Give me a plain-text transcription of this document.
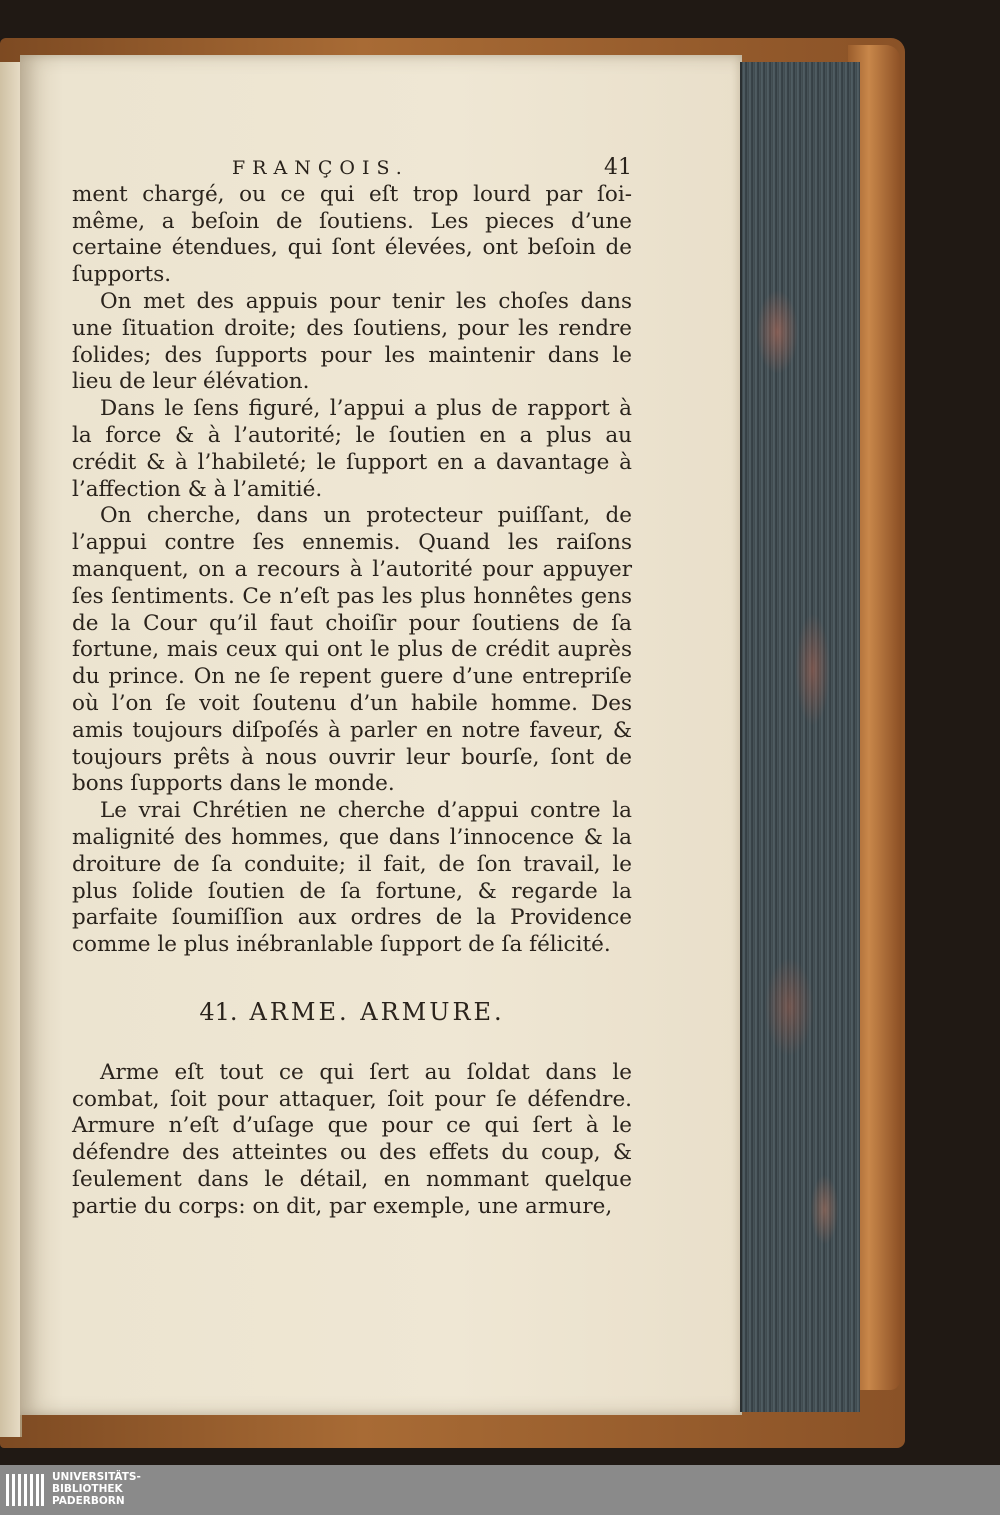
FRANÇOIS.	41

ment chargé, ou ce qui eſt trop lourd par ſoi-même, a beſoin de ſoutiens. Les pieces d’une certaine étendues, qui ſont élevées, ont beſoin de ſupports.

On met des appuis pour tenir les choſes dans une ſituation droite; des ſoutiens, pour les rendre ſolides; des ſupports pour les maintenir dans le lieu de leur élévation.

Dans le ſens figuré, l’appui a plus de rapport à la force & à l’autorité; le ſoutien en a plus au crédit & à l’habileté; le ſupport en a davantage à l’affection & à l’amitié.

On cherche, dans un protecteur puiſſant, de l’appui contre ſes ennemis. Quand les raiſons manquent, on a recours à l’autorité pour appuyer ſes ſentiments. Ce n’eſt pas les plus honnêtes gens de la Cour qu’il faut choiſir pour ſoutiens de ſa fortune, mais ceux qui ont le plus de crédit auprès du prince. On ne ſe repent guere d’une entrepriſe où l’on ſe voit ſoutenu d’un habile homme. Des amis toujours diſpoſés à parler en notre faveur, & toujours prêts à nous ouvrir leur bourſe, ſont de bons ſupports dans le monde.

Le vrai Chrétien ne cherche d’appui contre la malignité des hommes, que dans l’innocence & la droiture de ſa conduite; il fait, de ſon travail, le plus ſolide ſoutien de ſa fortune, & regarde la parfaite ſoumiſſion aux ordres de la Providence comme le plus inébranlable ſupport de ſa félicité.

41. ARME. ARMURE.

Arme eſt tout ce qui ſert au ſoldat dans le combat, ſoit pour attaquer, ſoit pour ſe défendre. Armure n’eſt d’uſage que pour ce qui ſert à le défendre des atteintes ou des effets du coup, & ſeulement dans le détail, en nommant quelque partie du corps: on dit, par exemple, une armure,

UNIVERSITÄTS-
BIBLIOTHEK
PADERBORN
